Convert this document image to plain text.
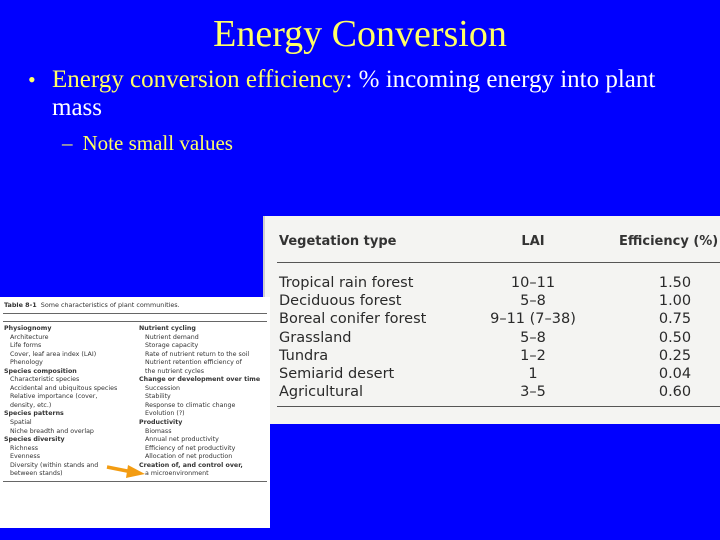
Energy Conversion
• Energy conversion efficiency: % incoming energy into plant mass
– Note small values
Vegetation type	LAI	Efficiency (%)
Tropical rain forest	10–11	1.50
Deciduous forest	5–8	1.00
Boreal conifer forest	9–11 (7–38)	0.75
Grassland	5–8	0.50
Tundra	1–2	0.25
Semiarid desert	1	0.04
Agricultural	3–5	0.60
Table 8-1 Some characteristics of plant communities.
Physiognomy
Architecture
Life forms
Cover, leaf area index (LAI)
Phenology
Species composition
Characteristic species
Accidental and ubiquitous species
Relative importance (cover,
density, etc.)
Species patterns
Spatial
Niche breadth and overlap
Species diversity
Richness
Evenness
Diversity (within stands and
between stands)
Nutrient cycling
Nutrient demand
Storage capacity
Rate of nutrient return to the soil
Nutrient retention efficiency of
the nutrient cycles
Change or development over time
Succession
Stability
Response to climatic change
Evolution (?)
Productivity
Biomass
Annual net productivity
Efficiency of net productivity
Allocation of net production
Creation of, and control over,
a microenvironment
